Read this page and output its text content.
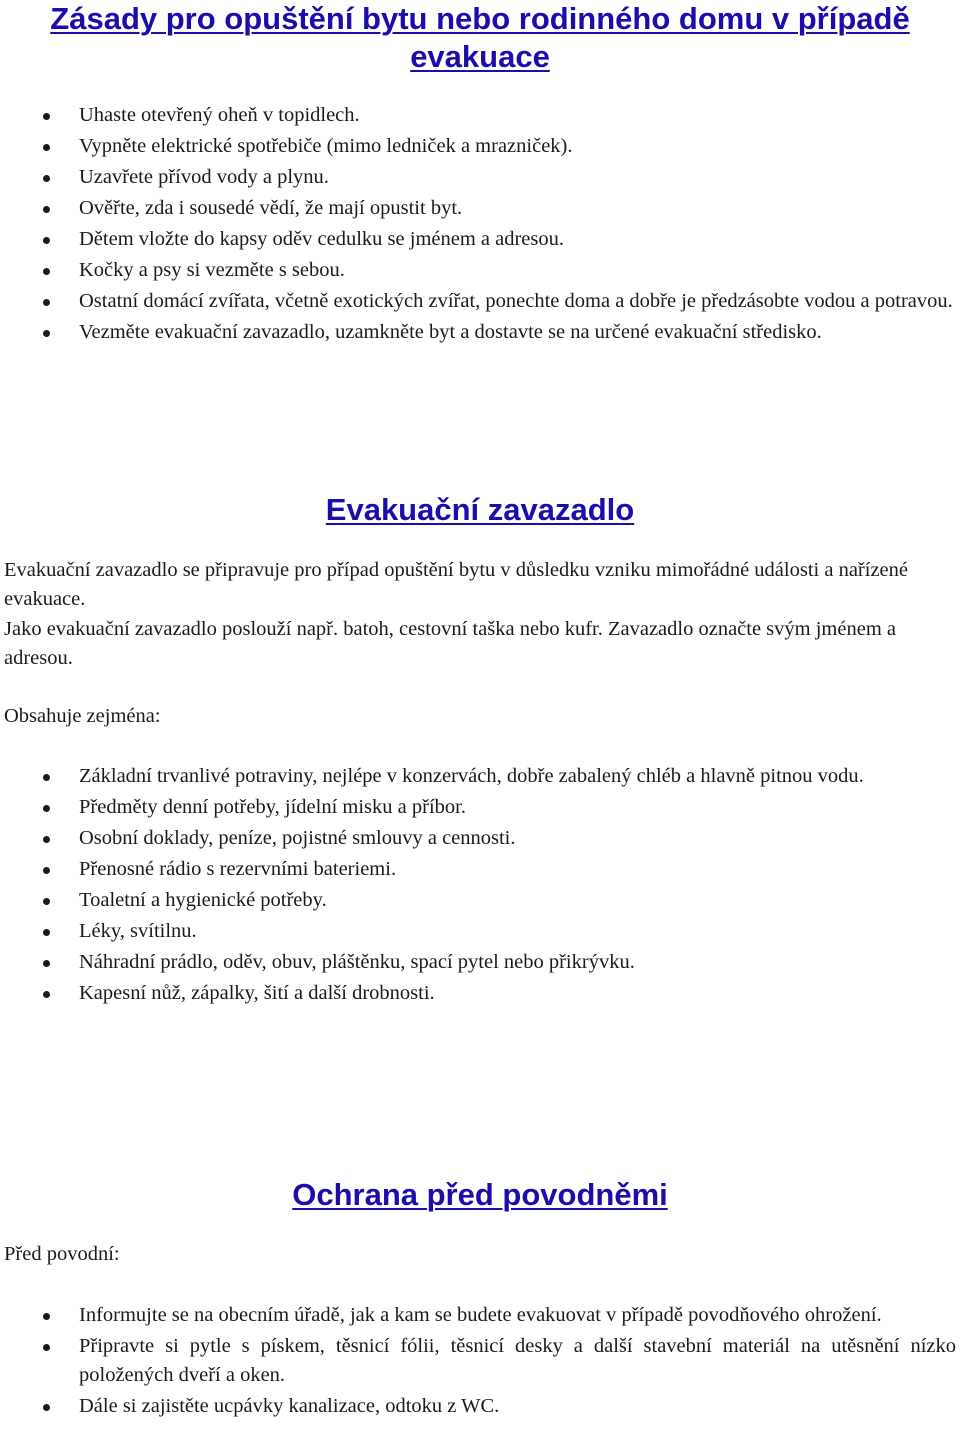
Zásady pro opuštění bytu nebo rodinného domu v případě evakuace
Uhaste otevřený oheň v topidlech.
Vypněte elektrické spotřebiče (mimo ledniček a mrazniček).
Uzavřete přívod vody a plynu.
Ověřte, zda i sousedé vědí, že mají opustit byt.
Dětem vložte do kapsy oděv cedulku se jménem a adresou.
Kočky a psy si vezměte s sebou.
Ostatní domácí zvířata, včetně exotických zvířat, ponechte doma a dobře je předzásobte vodou a potravou.
Vezměte evakuační zavazadlo, uzamkněte byt a dostavte se na určené evakuační středisko.
Evakuační zavazadlo

Evakuační zavazadlo se připravuje pro případ opuštění bytu v důsledku vzniku mimořádné události a nařízené evakuace.

Jako evakuační zavazadlo poslouží např. batoh, cestovní taška nebo kufr. Zavazadlo označte svým jménem a adresou.

Obsahuje zejména:

Základní trvanlivé potraviny, nejlépe v konzervách, dobře zabalený chléb a hlavně pitnou vodu.
Předměty denní potřeby, jídelní misku a příbor.
Osobní doklady, peníze, pojistné smlouvy a cennosti.
Přenosné rádio s rezervními bateriemi.
Toaletní a hygienické potřeby.
Léky, svítilnu.
Náhradní prádlo, oděv, obuv, pláštěnku, spací pytel nebo přikrývku.
Kapesní nůž, zápalky, šití a další drobnosti.
Ochrana před povodněmi

Před povodní:

Informujte se na obecním úřadě, jak a kam se budete evakuovat v případě povodňového ohrožení.
Připravte si pytle s pískem, těsnicí fólii, těsnicí desky a další stavební materiál na utěsnění nízko položených dveří a oken.
Dále si zajistěte ucpávky kanalizace, odtoku z WC.
